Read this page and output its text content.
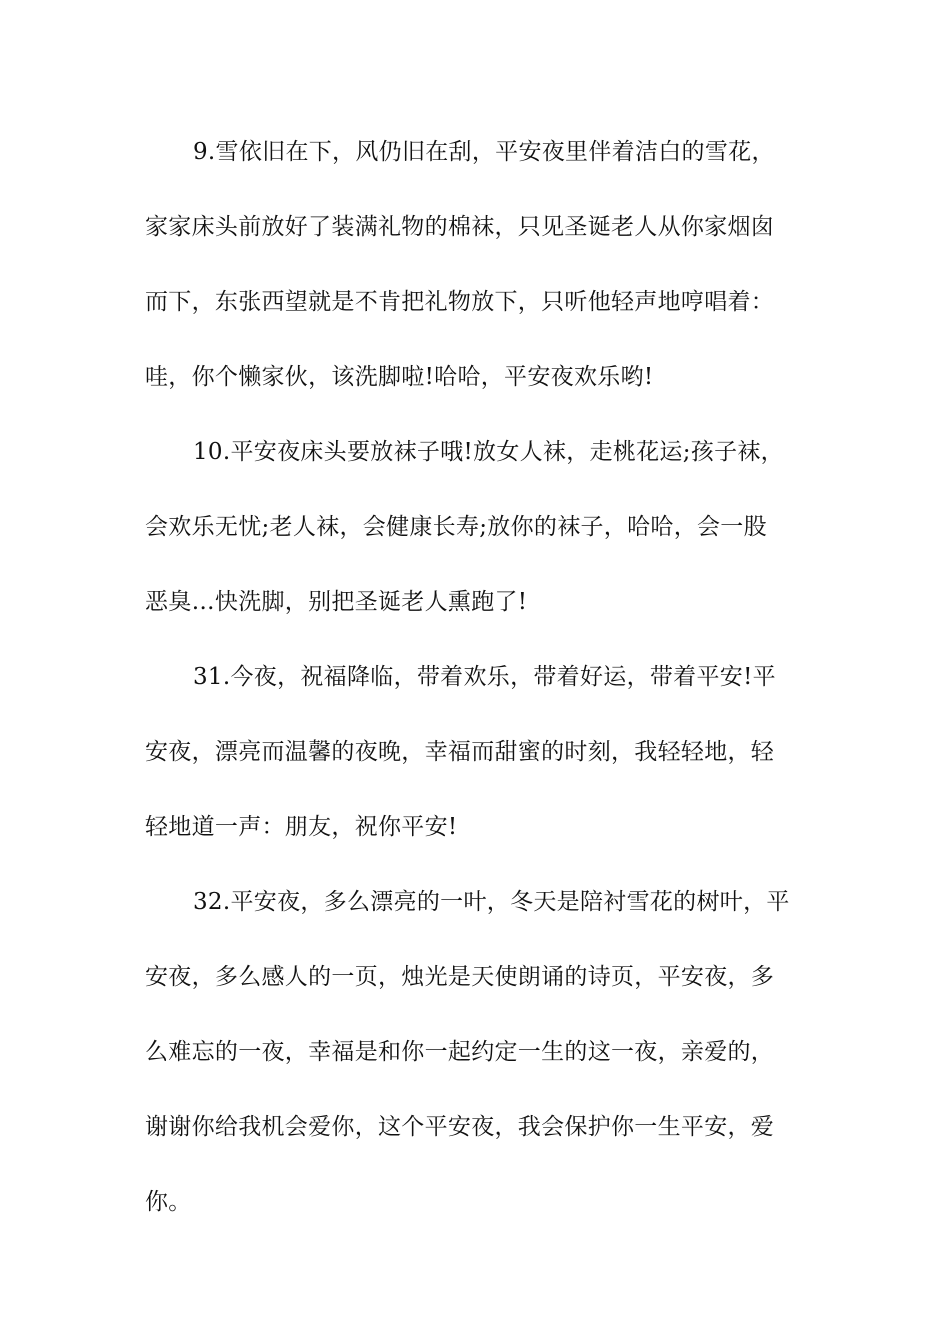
9.雪依旧在下，风仍旧在刮，平安夜里伴着洁白的雪花，
家家床头前放好了装满礼物的棉袜，只见圣诞老人从你家烟囱
而下，东张西望就是不肯把礼物放下，只听他轻声地哼唱着：
哇，你个懒家伙，该洗脚啦!哈哈，平安夜欢乐哟!
10.平安夜床头要放袜子哦!放女人袜，走桃花运;孩子袜，
会欢乐无忧;老人袜，会健康长寿;放你的袜子，哈哈，会一股
恶臭…快洗脚，别把圣诞老人熏跑了!
31.今夜，祝福降临，带着欢乐，带着好运，带着平安!平
安夜，漂亮而温馨的夜晚，幸福而甜蜜的时刻，我轻轻地，轻
轻地道一声：朋友，祝你平安!
32.平安夜，多么漂亮的一叶，冬天是陪衬雪花的树叶，平
安夜，多么感人的一页，烛光是天使朗诵的诗页，平安夜，多
么难忘的一夜，幸福是和你一起约定一生的这一夜，亲爱的，
谢谢你给我机会爱你，这个平安夜，我会保护你一生平安，爱
你。
